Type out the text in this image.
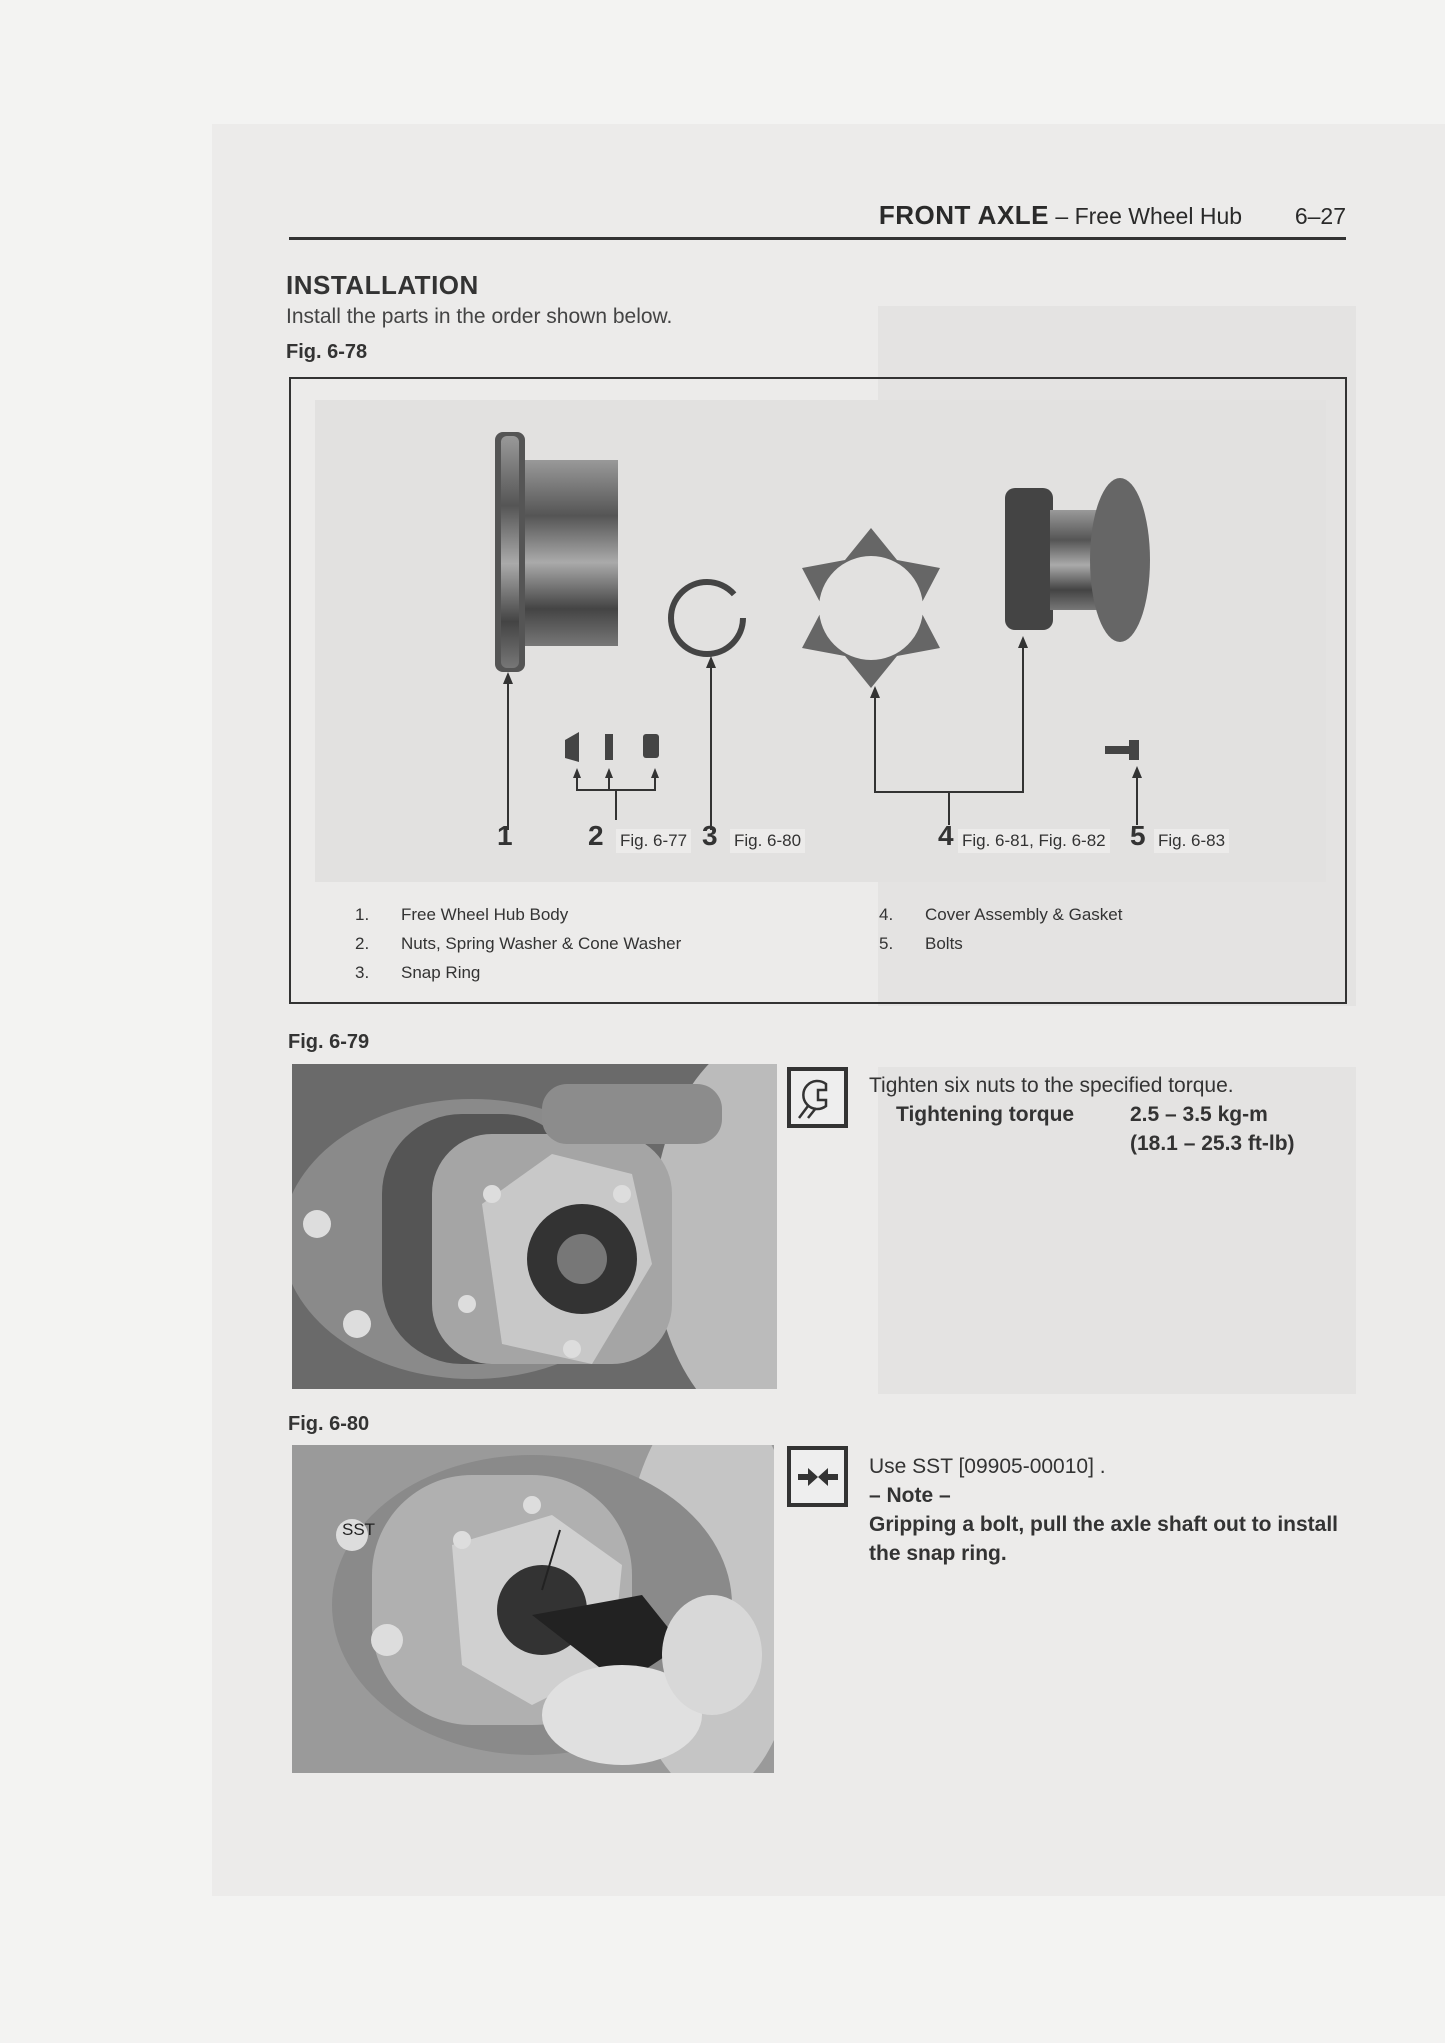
FRONT AXLE – Free Wheel Hub 6–27
INSTALLATION
Install the parts in the order shown below.
Fig. 6-78
1	2 Fig. 6-77 3 Fig. 6-80	4 Fig. 6-81, Fig. 6-82 5 Fig. 6-83
1. Free Wheel Hub Body
2. Nuts, Spring Washer & Cone Washer
3. Snap Ring
4. Cover Assembly & Gasket
5. Bolts
Fig. 6-79
Tighten six nuts to the specified torque.
Tightening torque	2.5 – 3.5 kg-m
(18.1 – 25.3 ft-lb)
Fig. 6-80
SST
Use SST [09905-00010] .
– Note –
Gripping a bolt, pull the axle shaft out to install the snap ring.
